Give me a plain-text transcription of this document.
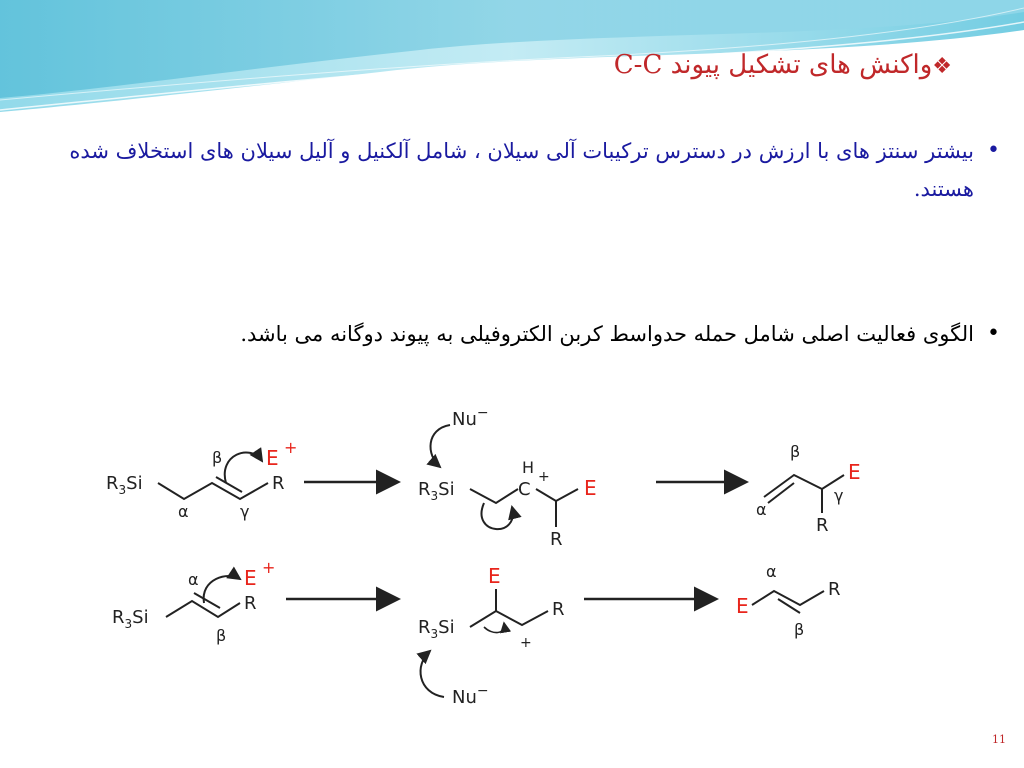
❖واکنش های تشکیل پیوند C-C
•
بیشتر سنتز های با ارزش در دسترس ترکیبات آلی سیلان ، شامل آلکنیل و آلیل سیلان های استخلاف شده هستند.
•
الگوی فعالیت اصلی شامل حمله حدواسط کربن الکتروفیلی به پیوند دوگانه می باشد.
$R_3Si$	R
β
α	γ
E +
Nu−
$R_3Si$	C
H + E
R
E
R
β
α
γ
$R_3Si$
R
α
β
E +
$R_3Si$
E
R
+
Nu−
E
R
α
β
11
